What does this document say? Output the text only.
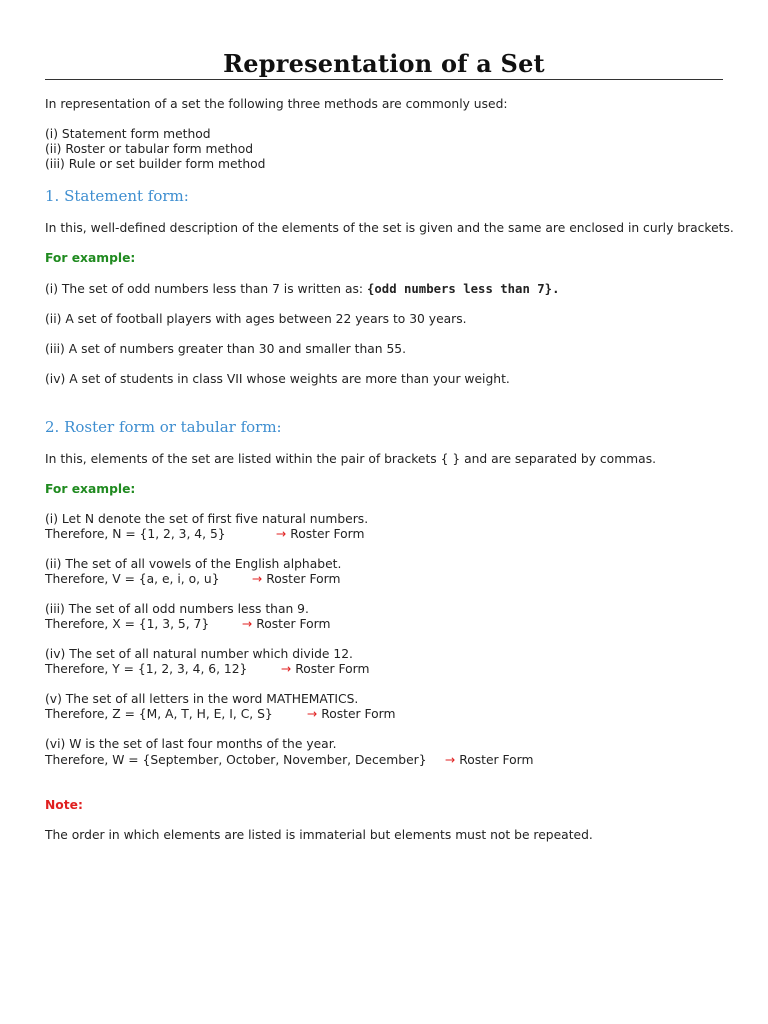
Representation of a Set
In representation of a set the following three methods are commonly used:
(i) Statement form method
(ii) Roster or tabular form method
(iii) Rule or set builder form method
1. Statement form:
In this, well-defined description of the elements of the set is given and the same are enclosed in curly brackets.
For example:
(i) The set of odd numbers less than 7 is written as: {odd numbers less than 7}.
(ii) A set of football players with ages between 22 years to 30 years.
(iii) A set of numbers greater than 30 and smaller than 55.
(iv) A set of students in class VII whose weights are more than your weight.
2. Roster form or tabular form:
In this, elements of the set are listed within the pair of brackets { } and are separated by commas.
For example:
(i) Let N denote the set of first five natural numbers.
Therefore, N = {1, 2, 3, 4, 5}	→ Roster Form
(ii) The set of all vowels of the English alphabet.
Therefore, V = {a, e, i, o, u}	→ Roster Form
(iii) The set of all odd numbers less than 9.
Therefore, X = {1, 3, 5, 7}	→ Roster Form
(iv) The set of all natural number which divide 12.
Therefore, Y = {1, 2, 3, 4, 6, 12}	→ Roster Form
(v) The set of all letters in the word MATHEMATICS.
Therefore, Z = {M, A, T, H, E, I, C, S}	→ Roster Form
(vi) W is the set of last four months of the year.
Therefore, W = {September, October, November, December} → Roster Form
Note:
The order in which elements are listed is immaterial but elements must not be repeated.
